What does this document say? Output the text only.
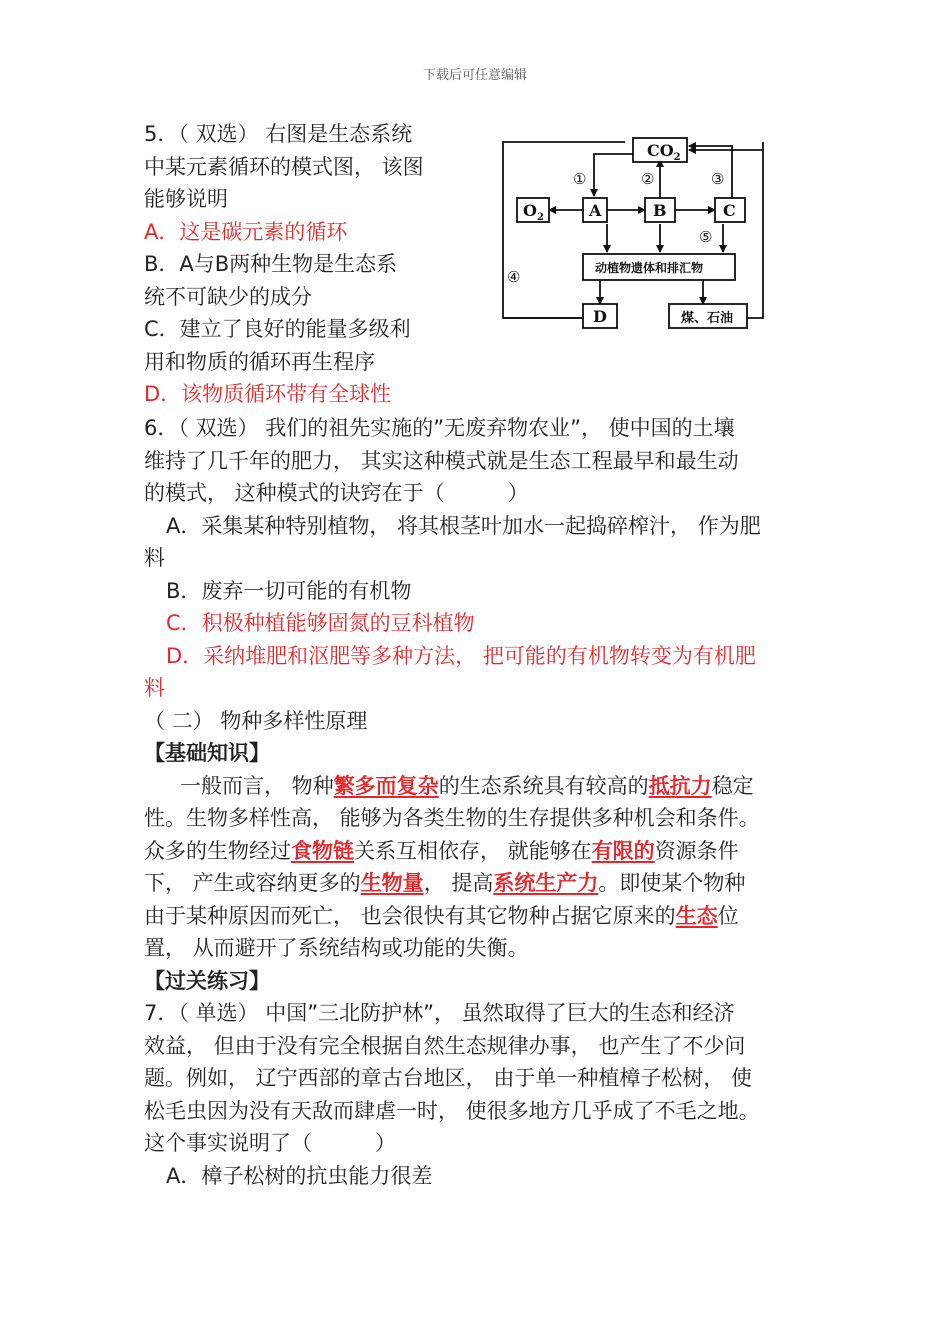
下载后可任意编辑
5．（ 双选） 右图是生态系统
中某元素循环的模式图， 该图
能够说明
A．这是碳元素的循环
B．A与B两种生物是生态系
统不可缺少的成分
C．建立了良好的能量多级利
用和物质的循环再生程序
D．该物质循环带有全球性
$CO_2$
$O_2$	A	B	C
D
动植物遗体和排汇物
煤、石油
①	②	③
④
⑤
6．（ 双选） 我们的祖先实施的”无废弃物农业”， 使中国的土壤
维持了几千年的肥力， 其实这种模式就是生态工程最早和最生动
的模式， 这种模式的诀窍在于（　　　）
A．采集某种特别植物， 将其根茎叶加水一起捣碎榨汁， 作为肥
料
B．废弃一切可能的有机物
C．积极种植能够固氮的豆科植物
D．采纳堆肥和沤肥等多种方法， 把可能的有机物转变为有机肥
料
（ 二） 物种多样性原理
【基础知识】
一般而言， 物种繁多而复杂的生态系统具有较高的抵抗力稳定
性。生物多样性高， 能够为各类生物的生存提供多种机会和条件。
众多的生物经过食物链关系互相依存， 就能够在有限的资源条件
下， 产生或容纳更多的生物量， 提高系统生产力。即使某个物种
由于某种原因而死亡， 也会很快有其它物种占据它原来的生态位
置， 从而避开了系统结构或功能的失衡。
【过关练习】
7．（ 单选） 中国”三北防护林”， 虽然取得了巨大的生态和经济
效益， 但由于没有完全根据自然生态规律办事， 也产生了不少问
题。例如， 辽宁西部的章古台地区， 由于单一种植樟子松树， 使
松毛虫因为没有天敌而肆虐一时， 使很多地方几乎成了不毛之地。
这个事实说明了（　　　）
A．樟子松树的抗虫能力很差
